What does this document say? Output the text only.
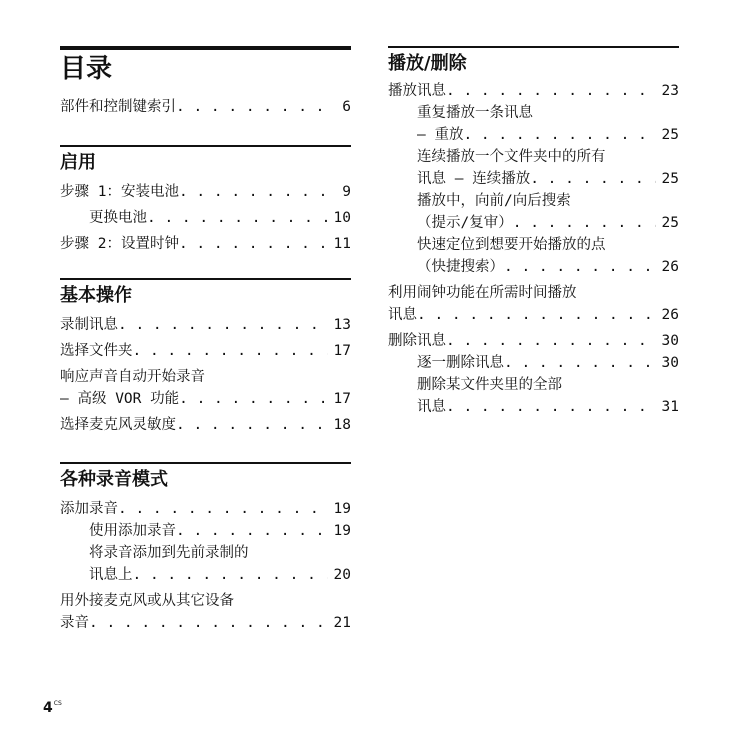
目录
部件和控制键索引 . . .	6
启用
步骤 1：安装电池 . . .	9
更换电池 . . .	10
步骤 2：设置时钟 . . .	11
基本操作
录制讯息 . . .	13
选择文件夹 . . .	17
响应声音自动开始录音
— 高级 VOR 功能 . . .	17
选择麦克风灵敏度 . . .	18
各种录音模式
添加录音 . . .	19
使用添加录音 . . .	19
将录音添加到先前录制的
讯息上 . . .	20
用外接麦克风或从其它设备
录音 . . .	21
播放/删除
播放讯息 . . .	23
重复播放一条讯息
— 重放 . . .	25
连续播放一个文件夹中的所有
讯息 — 连续播放 . . .	25
播放中，向前/向后搜索
（提示/复审） . . .	25
快速定位到想要开始播放的点
（快捷搜索） . . .	26
利用闹钟功能在所需时间播放
讯息 . . .	26
删除讯息 . . .	30
逐一删除讯息 . . .	30
删除某文件夹里的全部
讯息 . . .	31
$4^{CS}$
